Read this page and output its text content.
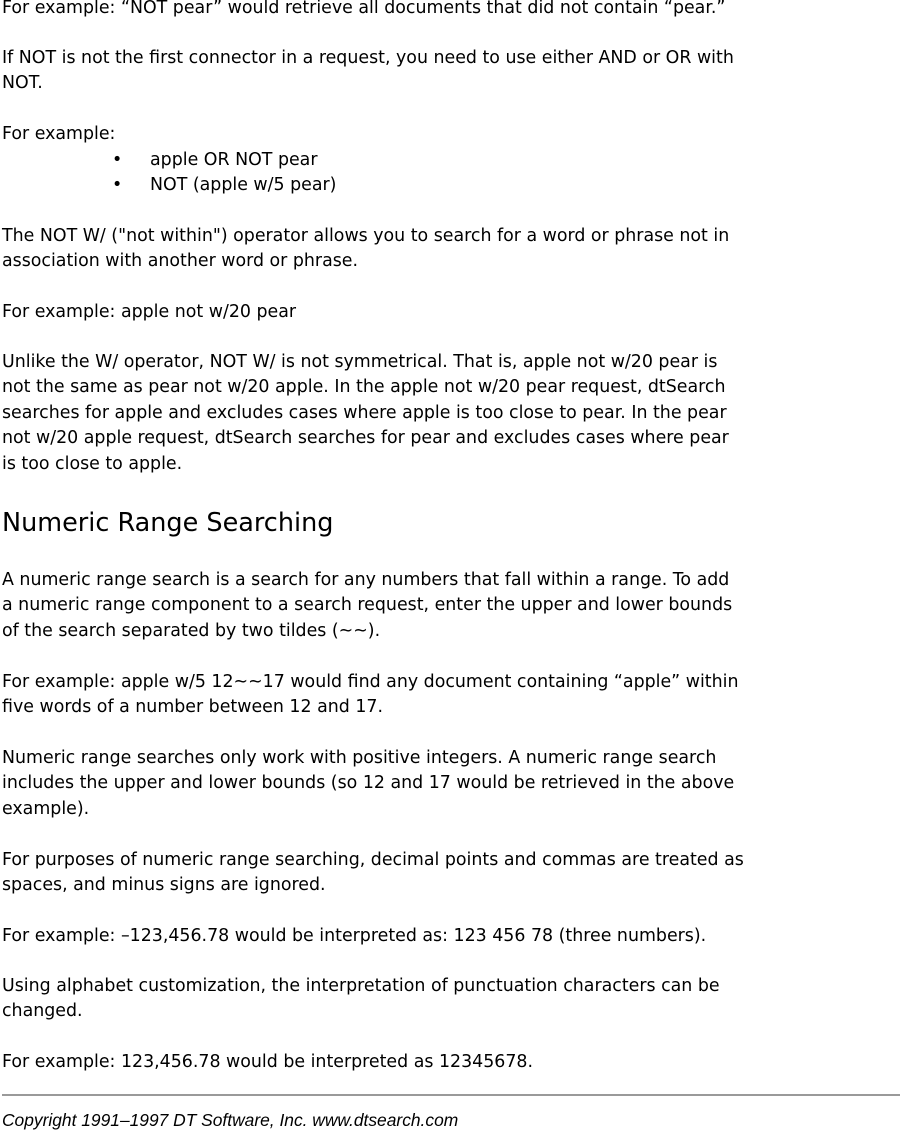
For example: “NOT pear” would retrieve all documents that did not contain “pear.”

If NOT is not the first connector in a request, you need to use either AND or OR with
NOT.

For example:

• apple OR NOT pear
• NOT (apple w/5 pear)

The NOT W/ ("not within") operator allows you to search for a word or phrase not in
association with another word or phrase.

For example: apple not w/20 pear

Unlike the W/ operator, NOT W/ is not symmetrical. That is, apple not w/20 pear is
not the same as pear not w/20 apple. In the apple not w/20 pear request, dtSearch
searches for apple and excludes cases where apple is too close to pear. In the pear
not w/20 apple request, dtSearch searches for pear and excludes cases where pear
is too close to apple.

Numeric Range Searching

A numeric range search is a search for any numbers that fall within a range. To add
a numeric range component to a search request, enter the upper and lower bounds
of the search separated by two tildes (~~).

For example: apple w/5 12~~17 would find any document containing “apple” within
five words of a number between 12 and 17.

Numeric range searches only work with positive integers. A numeric range search
includes the upper and lower bounds (so 12 and 17 would be retrieved in the above
example).

For purposes of numeric range searching, decimal points and commas are treated as
spaces, and minus signs are ignored.

For example: –123,456.78 would be interpreted as: 123 456 78 (three numbers).

Using alphabet customization, the interpretation of punctuation characters can be
changed.

For example: 123,456.78 would be interpreted as 12345678.

Copyright 1991–1997 DT Software, Inc. www.dtsearch.com
